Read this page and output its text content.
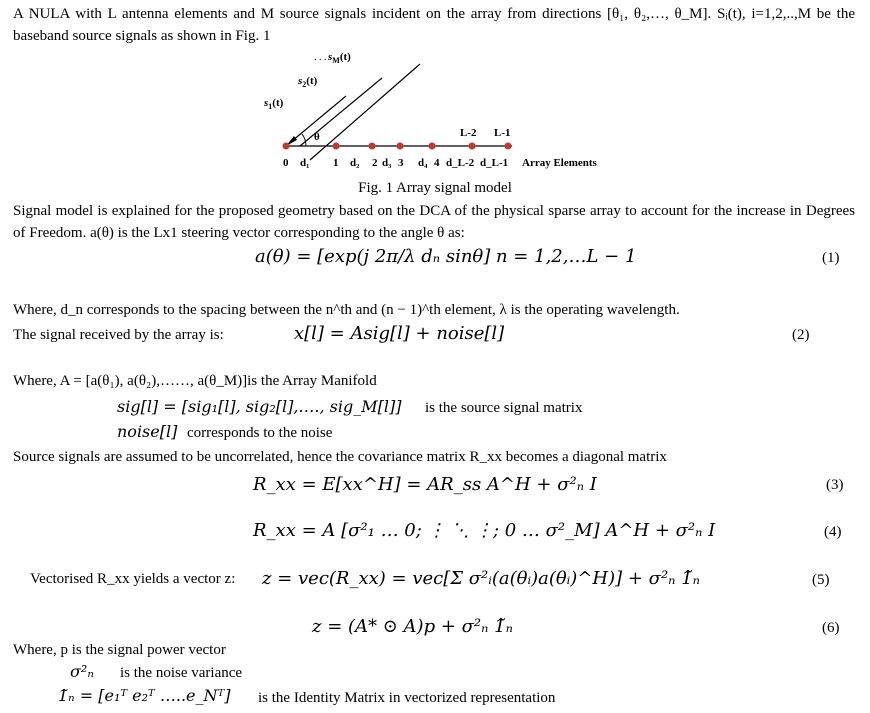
A NULA with L antenna elements and M source signals incident on the array from directions [θ₁, θ₂,…, θ_M]. Sᵢ(t), i=1,2,..,M be the baseband source signals as shown in Fig. 1
. . .
$s_1(t)$
$s_2(t)$
$s_M(t)$
θ	L-2 L-1
0 d₁ 1 d₂ 2 d₃ 3 d₄ 4 d_L-2 d_L-1 Array Elements
Fig. 1 Array signal model
Signal model is explained for the proposed geometry based on the DCA of the physical sparse array to account for the increase in Degrees of Freedom. a(θ) is the Lx1 steering vector corresponding to the angle θ as:
a(θ) = [exp(j 2π/λ dₙ sinθ] n = 1,2,…L − 1	(1)
Where, d_n corresponds to the spacing between the n^th and (n − 1)^th element, λ is the operating wavelength.
The signal received by the array is:	x[l] = Asig[l] + noise[l]	(2)
Where, A = [a(θ₁), a(θ₂),……, a(θ_M)]is the Array Manifold
sig[l] = [sig₁[l], sig₂[l],…., sig_M[l]] is the source signal matrix
noise[l] corresponds to the noise
Source signals are assumed to be uncorrelated, hence the covariance matrix R_xx becomes a diagonal matrix
R_xx = E[xx^H] = AR_ss A^H + σ²ₙ I	(3)
R_xx = A [σ²₁ … 0; ⋮ ⋱ ⋮; 0 … σ²_M] A^H + σ²ₙ I	(4)
Vectorised R_xx yields a vector z: z = vec(R_xx) = vec[Σ σ²ᵢ(a(θᵢ)a(θᵢ)^H)] + σ²ₙ 1̃ₙ	(5)
z = (A* ⊙ A)p + σ²ₙ 1̃ₙ	(6)
Where, p is the signal power vector
σ²ₙ is the noise variance
1̃ₙ = [e₁ᵀ e₂ᵀ …..e_Nᵀ] is the Identity Matrix in vectorized representation
